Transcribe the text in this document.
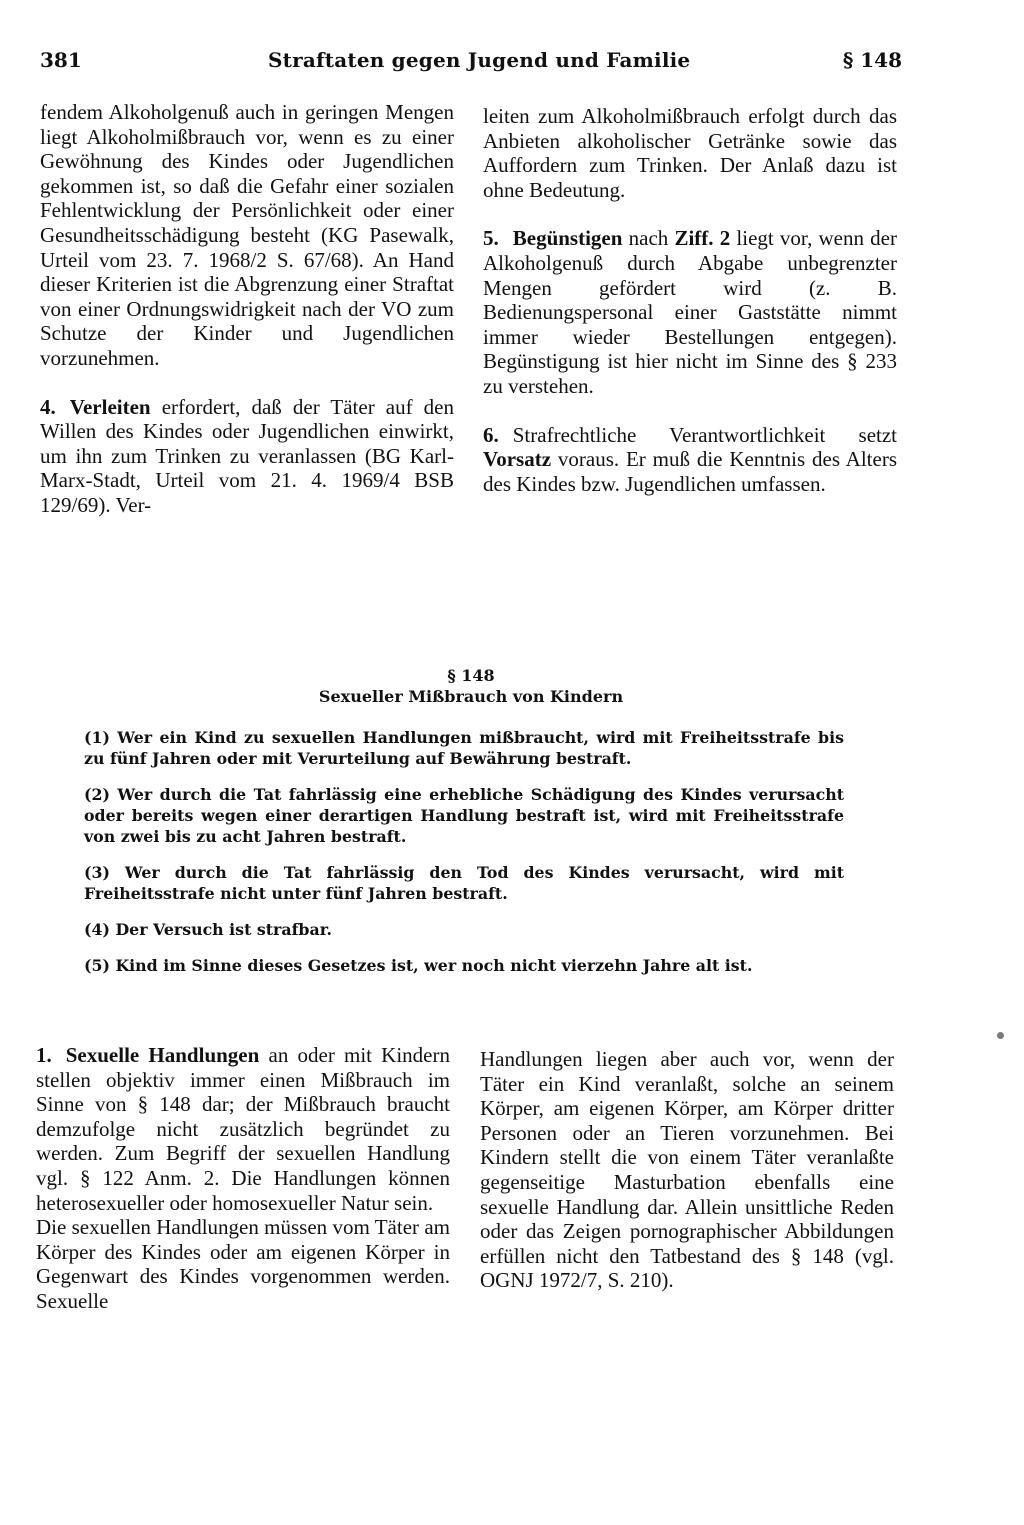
381	Straftaten gegen Jugend und Familie	§ 148

fendem Alkoholgenuß auch in geringen Mengen liegt Alkoholmißbrauch vor, wenn es zu einer Gewöhnung des Kindes oder Jugendlichen gekommen ist, so daß die Gefahr einer sozialen Fehlentwicklung der Persönlichkeit oder einer Gesundheitsschädigung besteht (KG Pasewalk, Urteil vom 23. 7. 1968/2 S. 67/68). An Hand dieser Kriterien ist die Abgrenzung einer Straftat von einer Ordnungswidrigkeit nach der VO zum Schutze der Kinder und Jugendlichen vorzunehmen.

4. Verleiten erfordert, daß der Täter auf den Willen des Kindes oder Jugendlichen einwirkt, um ihn zum Trinken zu veranlassen (BG Karl-Marx-Stadt, Urteil vom 21. 4. 1969/4 BSB 129/69). Ver-

leiten zum Alkoholmißbrauch erfolgt durch das Anbieten alkoholischer Getränke sowie das Auffordern zum Trinken. Der Anlaß dazu ist ohne Bedeutung.

5. Begünstigen nach Ziff. 2 liegt vor, wenn der Alkoholgenuß durch Abgabe unbegrenzter Mengen gefördert wird (z. B. Bedienungspersonal einer Gaststätte nimmt immer wieder Bestellungen entgegen). Begünstigung ist hier nicht im Sinne des § 233 zu verstehen.

6. Strafrechtliche Verantwortlichkeit setzt Vorsatz voraus. Er muß die Kenntnis des Alters des Kindes bzw. Jugendlichen umfassen.

§ 148
Sexueller Mißbrauch von Kindern

(1) Wer ein Kind zu sexuellen Handlungen mißbraucht, wird mit Freiheitsstrafe bis zu fünf Jahren oder mit Verurteilung auf Bewährung bestraft.

(2) Wer durch die Tat fahrlässig eine erhebliche Schädigung des Kindes verursacht oder bereits wegen einer derartigen Handlung bestraft ist, wird mit Freiheitsstrafe von zwei bis zu acht Jahren bestraft.

(3) Wer durch die Tat fahrlässig den Tod des Kindes verursacht, wird mit Freiheitsstrafe nicht unter fünf Jahren bestraft.

(4) Der Versuch ist strafbar.

(5) Kind im Sinne dieses Gesetzes ist, wer noch nicht vierzehn Jahre alt ist.

1. Sexuelle Handlungen an oder mit Kindern stellen objektiv immer einen Mißbrauch im Sinne von § 148 dar; der Mißbrauch braucht demzufolge nicht zusätzlich begründet zu werden. Zum Begriff der sexuellen Handlung vgl. § 122 Anm. 2. Die Handlungen können heterosexueller oder homosexueller Natur sein.

Die sexuellen Handlungen müssen vom Täter am Körper des Kindes oder am eigenen Körper in Gegenwart des Kindes vorgenommen werden. Sexuelle

Handlungen liegen aber auch vor, wenn der Täter ein Kind veranlaßt, solche an seinem Körper, am eigenen Körper, am Körper dritter Personen oder an Tieren vorzunehmen. Bei Kindern stellt die von einem Täter veranlaßte gegenseitige Masturbation ebenfalls eine sexuelle Handlung dar. Allein unsittliche Reden oder das Zeigen pornographischer Abbildungen erfüllen nicht den Tatbestand des § 148 (vgl. OGNJ 1972/7, S. 210).
